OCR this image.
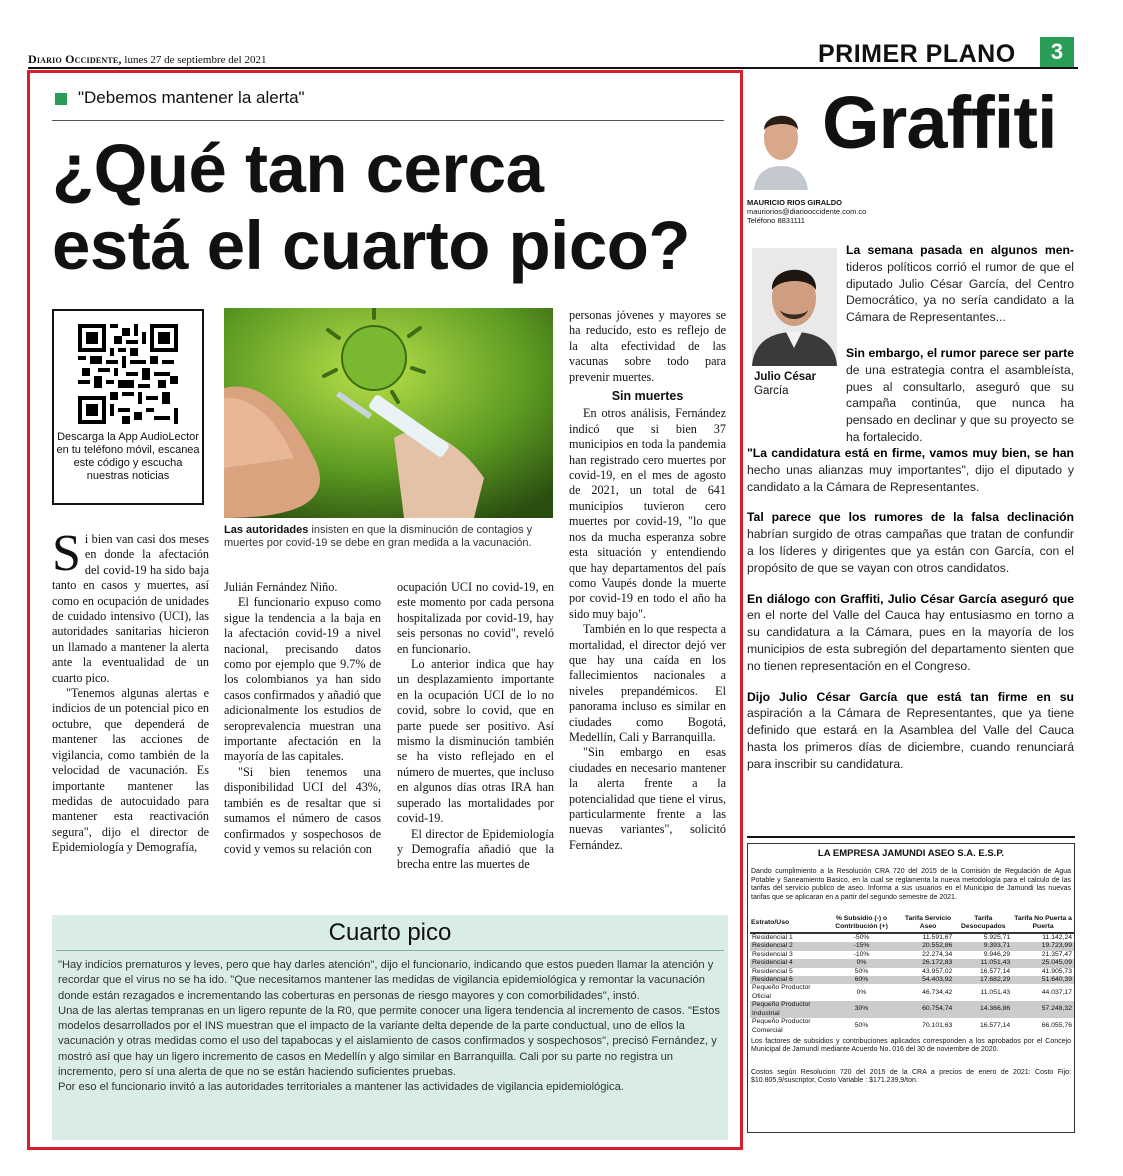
Diario Occidente, lunes 27 de septiembre del 2021	PRIMER PLANO	3
"Debemos mantener la alerta"
¿Qué tan cerca
está el cuarto pico?
Descarga la App AudioLector en tu teléfono móvil, escanea este código y escucha nuestras noticias
Las autoridades insisten en que la disminución de contagios y muertes por covid-19 se debe en gran medida a la vacunación.

Si bien van casi dos meses en donde la afectación del covid-19 ha sido baja tanto en casos y muertes, así como en ocupación de unidades de cuidado intensivo (UCI), las autoridades sanitarias hicieron un llamado a mantener la alerta ante la eventualidad de un cuarto pico.

"Tenemos algunas alertas e indicios de un potencial pico en octubre, que dependerá de mantener las acciones de vigilancia, como también de la velocidad de vacunación. Es importante mantener las medidas de autocuidado para mantener esta reactivación segura", dijo el director de Epidemiología y Demografía,

Julián Fernández Niño.

El funcionario expuso como sigue la tendencia a la baja en la afectación covid-19 a nivel nacional, precisando datos como por ejemplo que 9.7% de los colombianos ya han sido casos confirmados y añadió que adicionalmente los estudios de seroprevalencia muestran una importante afectación en la mayoría de las capitales.

"Si bien tenemos una disponibilidad UCI del 43%, también es de resaltar que si sumamos el número de casos confirmados y sospechosos de covid y vemos su relación con

ocupación UCI no covid-19, en este momento por cada persona hospitalizada por covid-19, hay seis personas no covid", reveló en funcionario.

Lo anterior indica que hay un desplazamiento importante en la ocupación UCI de lo no covid, sobre lo covid, que en parte puede ser positivo. Así mismo la disminución también se ha visto reflejado en el número de muertes, que incluso en algunos días otras IRA han superado las mortalidades por covid-19.

El director de Epidemiología y Demografía añadió que la brecha entre las muertes de

personas jóvenes y mayores se ha reducido, esto es reflejo de la alta efectividad de las vacunas sobre todo para prevenir muertes.

Sin muertes

En otros análisis, Fernández indicó que si bien 37 municipios en toda la pandemia han registrado cero muertes por covid-19, en el mes de agosto de 2021, un total de 641 municipios tuvieron cero muertes por covid-19, "lo que nos da mucha esperanza sobre esta situación y entendiendo que hay departamentos del país como Vaupés donde la muerte por covid-19 en todo el año ha sido muy bajo".

También en lo que respecta a mortalidad, el director dejó ver que hay una caída en los fallecimientos nacionales a niveles prepandémicos. El panorama incluso es similar en ciudades como Bogotá, Medellín, Cali y Barranquilla.

"Sin embargo en esas ciudades en necesario mantener la alerta frente a la potencialidad que tiene el virus, particularmente frente a las nuevas variantes", solicitó Fernández.

Cuarto pico

"Hay indicios prematuros y leves, pero que hay darles atención", dijo el funcionario, indicando que estos pueden llamar la atención y recordar que el virus no se ha ido. "Que necesitamos mantener las medidas de vigilancia epidemiológica y remontar la vacunación donde están rezagados e incrementando las coberturas en personas de riesgo mayores y con comorbilidades", instó.

Una de las alertas tempranas en un ligero repunte de la R0, que permite conocer una ligera tendencia al incremento de casos. "Estos modelos desarrollados por el INS muestran que el impacto de la variante delta depende de la parte conductual, uno de ellos la vacunación y otras medidas como el uso del tapabocas y el aislamiento de casos confirmados y sospechosos", precisó Fernández, y mostró así que hay un ligero incremento de casos en Medellín y algo similar en Barranquilla. Cali por su parte no registra un incremento, pero sí una alerta de que no se están haciendo suficientes pruebas.

Por eso el funcionario invitó a las autoridades territoriales a mantener las actividades de vigilancia epidemiológica.

Graffiti
MAURICIO RIOS GIRALDO
mauriorios@diariooccidente.com.co
Teléfono 8831111
Julio César
García

La semana pasada en algunos men-tideros políticos corrió el rumor de que el diputado Julio César García, del Centro Democrático, ya no sería candidato a la Cámara de Representantes...

Sin embargo, el rumor parece ser parte de una estrategia contra el asambleísta, pues al consultarlo, aseguró que su campaña continúa, que nunca ha pensado en declinar y que su proyecto se ha fortalecido.

"La candidatura está en firme, vamos muy bien, se han hecho unas alianzas muy importantes", dijo el diputado y candidato a la Cámara de Representantes.

Tal parece que los rumores de la falsa declinación habrían surgido de otras campañas que tratan de confundir a los líderes y dirigentes que ya están con García, con el propósito de que se vayan con otros candidatos.

En diálogo con Graffiti, Julio César García aseguró que en el norte del Valle del Cauca hay entusiasmo en torno a su candidatura a la Cámara, pues en la mayoría de los municipios de esta subregión del departamento sienten que no tienen representación en el Congreso.

Dijo Julio César García que está tan firme en su aspiración a la Cámara de Representantes, que ya tiene definido que estará en la Asamblea del Valle del Cauca hasta los primeros días de diciembre, cuando renunciará para inscribir su candidatura.

LA EMPRESA JAMUNDI ASEO S.A. E.S.P.
Dando cumplimiento a la Resolución CRA 720 del 2015 de la Comisión de Regulación de Agua Potable y Saneamiento Basico, en la cual se reglamenta la nueva metodología para el calculo de las tarifas del servicio publico de aseo. Informa a sus usuarios en el Municipio de Jamundi las nuevas tarifas que se aplicaran en a partir del segundo semestre de 2021.
Estrato/Uso	% Subsidio (-) o Contribución (+)	Tarifa Servicio Aseo	Tarifa Desocupados	Tarifa No Puerta a Puerta
Residencial 1	-50%	11.591,67	5.925,71	11.142,24
Residencial 2	-15%	20.552,86	9.393,71	19.723,99
Residencial 3	-10%	22.274,34	9.946,29	21.357,47
Residencial 4	0%	26.172,83	11.051,43	25.045,09
Residencial 5	50%	43.957,02	16.577,14	41.905,73
Residencial 6	60%	54.403,92	17.682,29	51.640,39
Pequeño Productor Oficial	0%	46.734,42	11.051,43	44.037,17
Pequeño Productor Industrial	30%	60.754,74	14.366,86	57.248,32
Pequeño Productor Comercial	50%	70.101,63	16.577,14	66.055,76
Los factores de subsidios y contribuciones aplicados corresponden a los aprobados por el Concejo Municipal de Jamundí mediante Acuerdo No. 016 del 30 de noviembre de 2020.
Costos según Resolucion 720 del 2015 de la CRA a precios de enero de 2021: Costo Fijo: $10.805,9/suscriptor, Costo Variable : $171.239,9/ton.
